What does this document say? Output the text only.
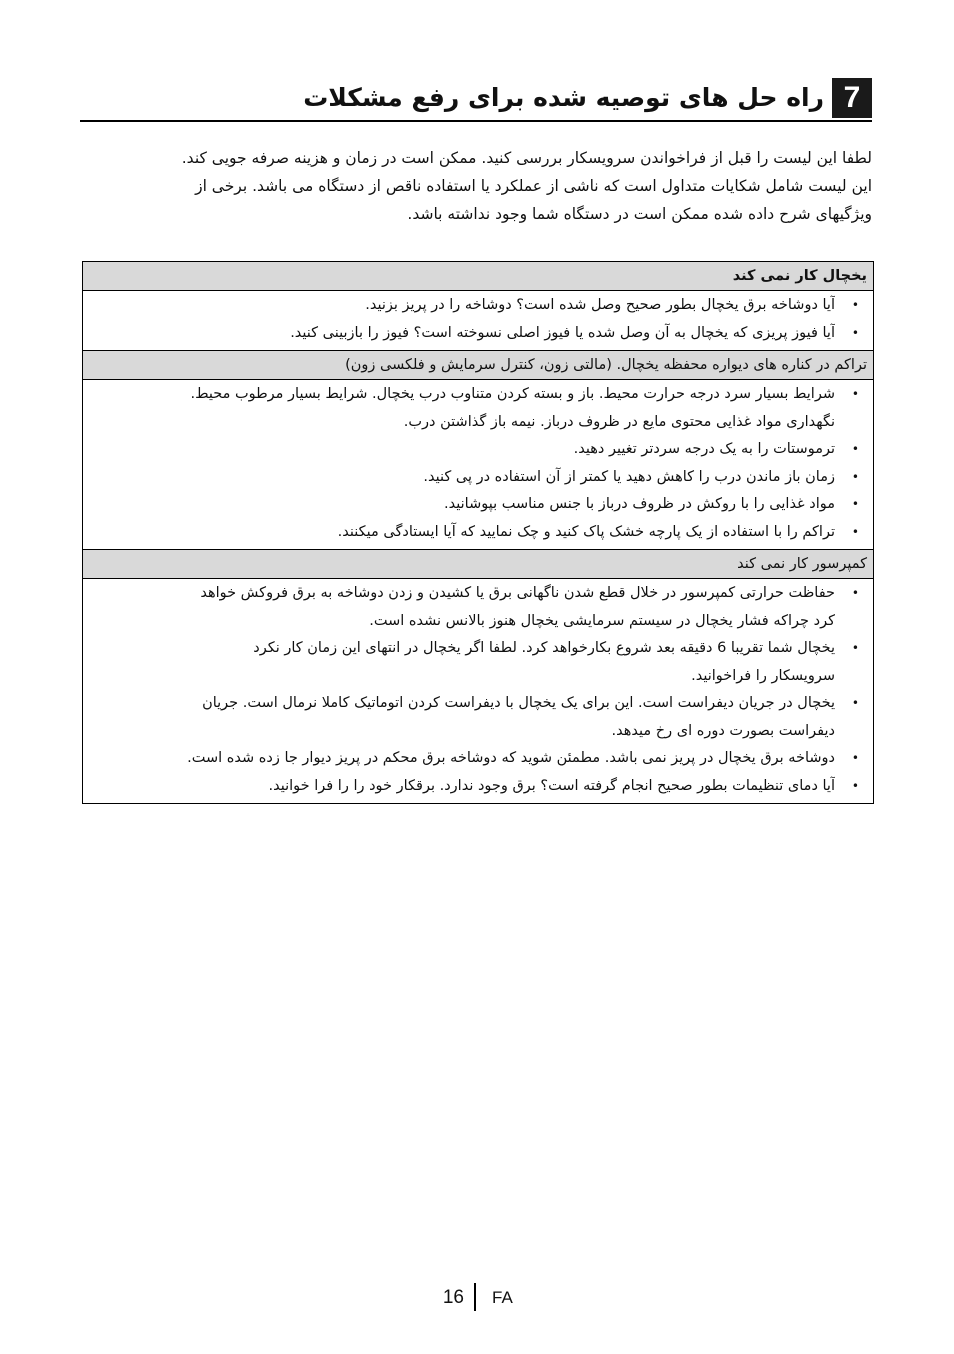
7
راه حل های توصیه شده برای رفع مشکلات

لطفا این لیست را قبل از فراخواندن سرویسکار بررسی کنید. ممکن است در زمان و هزینه صرفه جویی کند.

این لیست شامل شکایات متداول است که ناشی از عملکرد یا استفاده ناقص از دستگاه می باشد. برخی از

ویژگیهای شرح داده شده ممکن است در دستگاه شما وجود نداشته باشد.

یخچال کار نمی کند
•
آیا دوشاخه برق یخچال بطور صحیح وصل شده است؟ دوشاخه را در پریز بزنید.
•
آیا فیوز پریزی که یخچال به آن وصل شده یا فیوز اصلی نسوخته است؟ فیوز را بازبینی کنید.
تراکم در کناره های دیواره محفظه یخچال. (مالتی زون، کنترل سرمایش و فلکسی زون)
•
شرایط بسیار سرد درجه حرارت محیط. باز و بسته کردن متناوب درب یخچال. شرایط بسیار مرطوب محیط.
نگهداری مواد غذایی محتوی مایع در ظروف درباز. نیمه باز گذاشتن درب.
•
ترموستات را به یک درجه سردتر تغییر دهید.
•
زمان باز ماندن درب را کاهش دهید یا کمتر از آن استفاده در پی کنید.
•
مواد غذایی را با روکش در ظروف درباز با جنس مناسب بپوشانید.
•
تراکم را با استفاده از یک پارچه خشک پاک کنید و چک نمایید که آیا ایستادگی میکنند.
کمپرسور کار نمی کند
•
حفاظت حرارتی کمپرسور در خلال قطع شدن ناگهانی برق یا کشیدن و زدن دوشاخه به برق فروکش خواهد
کرد چراکه فشار یخچال در سیستم سرمایشی یخچال هنوز بالانس نشده است.
•
یخچال شما تقریبا 6 دقیقه بعد شروع بکارخواهد کرد. لطفا اگر یخچال در انتهای این زمان کار نکرد
سرویسکار را فراخوانید.
•
یخچال در جریان دیفراست است. این برای یک یخچال با دیفراست کردن اتوماتیک کاملا نرمال است. جریان
دیفراست بصورت دوره ای رخ میدهد.
•
دوشاخه برق یخچال در پریز نمی باشد. مطمئن شوید که دوشاخه برق محکم در پریز دیوار جا زده شده است.
•
آیا دمای تنظیمات بطور صحیح انجام گرفته است؟ برق وجود ندارد. برقکار خود را را فرا خوانید.
16 FA
